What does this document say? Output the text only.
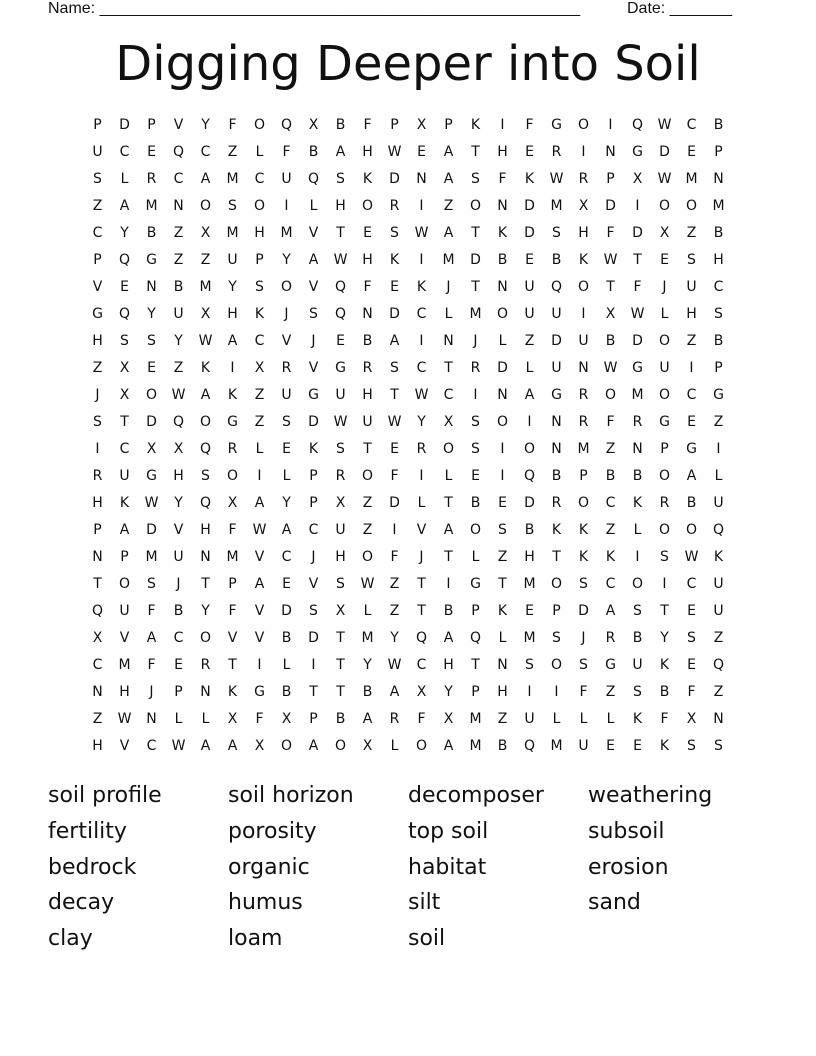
Name: ______________________________________________________	Date: _______
Digging Deeper into Soil
P	D	P	V	Y	F	O	Q	X	B	F	P	X	P	K	I	F	G	O	I	Q	W	C	B
U	C	E	Q	C	Z	L	F	B	A	H	W	E	A	T	H	E	R	I	N	G	D	E	P
S	L	R	C	A	M	C	U	Q	S	K	D	N	A	S	F	K	W	R	P	X	W	M	N
Z	A	M	N	O	S	O	I	L	H	O	R	I	Z	O	N	D	M	X	D	I	O	O	M
C	Y	B	Z	X	M	H	M	V	T	E	S	W	A	T	K	D	S	H	F	D	X	Z	B
P	Q	G	Z	Z	U	P	Y	A	W	H	K	I	M	D	B	E	B	K	W	T	E	S	H
V	E	N	B	M	Y	S	O	V	Q	F	E	K	J	T	N	U	Q	O	T	F	J	U	C
G	Q	Y	U	X	H	K	J	S	Q	N	D	C	L	M	O	U	U	I	X	W	L	H	S
H	S	S	Y	W	A	C	V	J	E	B	A	I	N	J	L	Z	D	U	B	D	O	Z	B
Z	X	E	Z	K	I	X	R	V	G	R	S	C	T	R	D	L	U	N	W	G	U	I	P
J	X	O	W	A	K	Z	U	G	U	H	T	W	C	I	N	A	G	R	O	M	O	C	G
S	T	D	Q	O	G	Z	S	D	W	U	W	Y	X	S	O	I	N	R	F	R	G	E	Z
I	C	X	X	Q	R	L	E	K	S	T	E	R	O	S	I	O	N	M	Z	N	P	G	I
R	U	G	H	S	O	I	L	P	R	O	F	I	L	E	I	Q	B	P	B	B	O	A	L
H	K	W	Y	Q	X	A	Y	P	X	Z	D	L	T	B	E	D	R	O	C	K	R	B	U
P	A	D	V	H	F	W	A	C	U	Z	I	V	A	O	S	B	K	K	Z	L	O	O	Q
N	P	M	U	N	M	V	C	J	H	O	F	J	T	L	Z	H	T	K	K	I	S	W	K
T	O	S	J	T	P	A	E	V	S	W	Z	T	I	G	T	M	O	S	C	O	I	C	U
Q	U	F	B	Y	F	V	D	S	X	L	Z	T	B	P	K	E	P	D	A	S	T	E	U
X	V	A	C	O	V	V	B	D	T	M	Y	Q	A	Q	L	M	S	J	R	B	Y	S	Z
C	M	F	E	R	T	I	L	I	T	Y	W	C	H	T	N	S	O	S	G	U	K	E	Q
N	H	J	P	N	K	G	B	T	T	B	A	X	Y	P	H	I	I	F	Z	S	B	F	Z
Z	W	N	L	L	X	F	X	P	B	A	R	F	X	M	Z	U	L	L	L	K	F	X	N
H	V	C	W	A	A	X	O	A	O	X	L	O	A	M	B	Q	M	U	E	E	K	S	S
soil profile	soil horizon	decomposer	weathering
fertility	porosity	top soil	subsoil
bedrock	organic	habitat	erosion
decay	humus	silt	sand
clay	loam	soil
